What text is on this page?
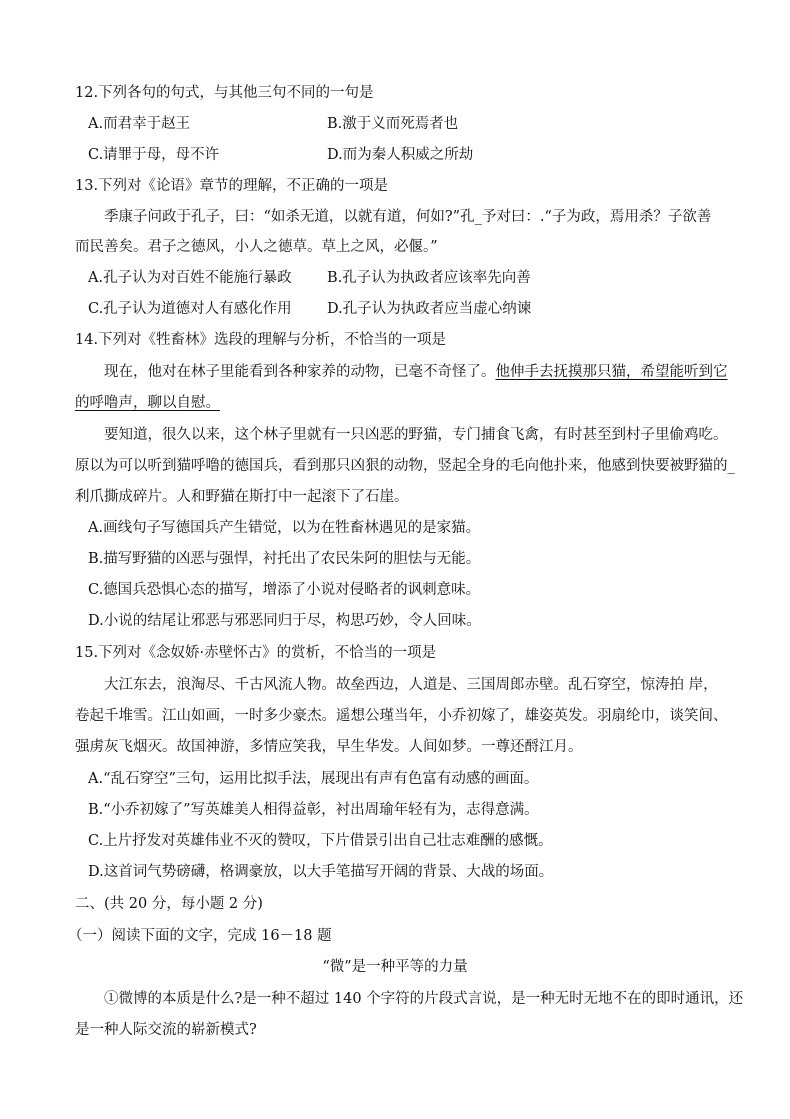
12.下列各句的句式，与其他三句不同的一句是
A.而君幸于赵王	B.激于义而死焉者也
C.请罪于母，母不许	D.而为秦人积威之所劫
13.下列对《论语》章节的理解，不正确的一项是
季康子问政于孔子，曰：“如杀无道，以就有道，何如?”孔_予对曰：.“子为政，焉用杀？子欲善
而民善矣。君子之德风，小人之德草。草上之风，必偃。”
A.孔子认为对百姓不能施行暴政 B.孔子认为执政者应该率先向善
C.孔子认为道德对人有感化作用 D.孔子认为执政者应当虚心纳谏
14.下列对《牲畜林》选段的理解与分析，不恰当的一项是
现在，他对在林子里能看到各种家养的动物，已毫不奇怪了。他伸手去抚摸那只猫，希望能听到它
的呼噜声，聊以自慰。
要知道，很久以来，这个林子里就有一只凶恶的野猫，专门捕食飞禽，有时甚至到村子里偷鸡吃。
原以为可以听到猫呼噜的德国兵，看到那只凶狠的动物，竖起全身的毛向他扑来，他感到快要被野猫的_
利爪撕成碎片。人和野猫在斯打中一起滚下了石崖。
A.画线句子写德国兵产生错觉，以为在牲畜林遇见的是家猫。
B.描写野猫的凶恶与强悍，衬托出了农民朱阿的胆怯与无能。
C.德国兵恐惧心态的描写，增添了小说对侵略者的讽刺意味。
D.小说的结尾让邪恶与邪恶同归于尽，构思巧妙，令人回味。
15.下列对《念奴娇·赤壁怀古》的赏析，不恰当的一项是
大江东去，浪淘尽、千古风流人物。故垒西边，人道是、三国周郎赤壁。乱石穿空，惊涛拍 岸，
卷起千堆雪。江山如画，一时多少豪杰。遥想公瑾当年，小乔初嫁了，雄姿英发。羽扇纶巾，谈笑间、
强虏灰飞烟灭。故国神游，多情应笑我，早生华发。人间如梦。一尊还酹江月。
A.“乱石穿空”三句，运用比拟手法，展现出有声有色富有动感的画面。
B.“小乔初嫁了”写英雄美人相得益彰，衬出周瑜年轻有为，志得意满。
C.上片抒发对英雄伟业不灭的赞叹，下片借景引出自己壮志难酬的感慨。
D.这首词气势磅礴，格调豪放，以大手笔描写开阔的背景、大战的场面。
二、(共 20 分，每小题 2 分)
（一）阅读下面的文字，完成 16－18 题
“微”是一种平等的力量
①微博的本质是什么?是一种不超过 140 个字符的片段式言说，是一种无时无地不在的即时通讯，还
是一种人际交流的崭新模式?
